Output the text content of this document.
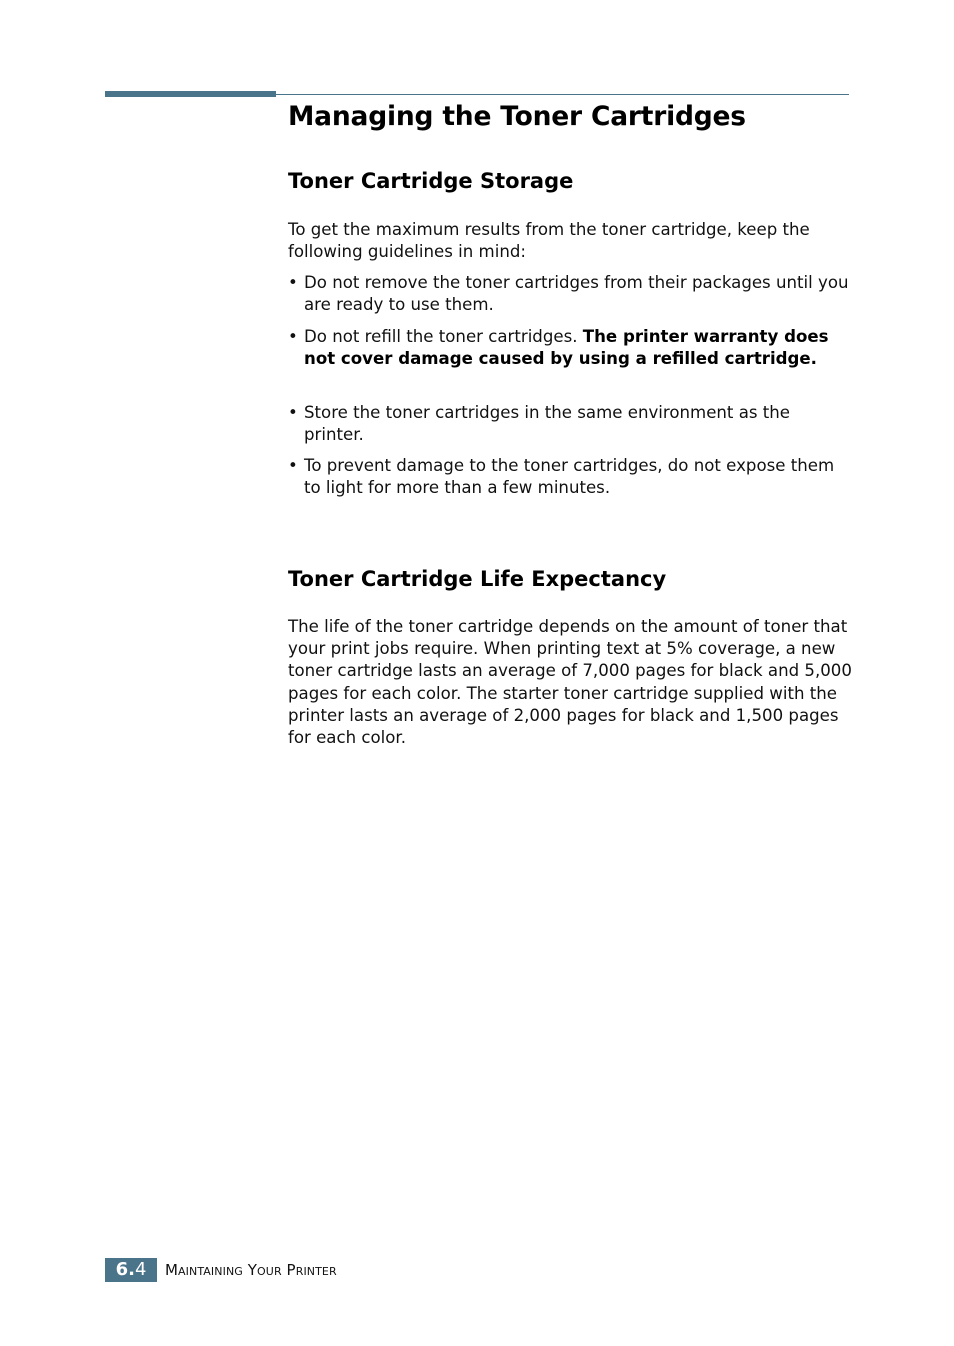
Managing the Toner Cartridges
Toner Cartridge Storage

To get the maximum results from the toner cartridge, keep the following guidelines in mind:

• Do not remove the toner cartridges from their packages until you are ready to use them.
• Do not refill the toner cartridges. The printer warranty does not cover damage caused by using a refilled cartridge.
• Store the toner cartridges in the same environment as the printer.
• To prevent damage to the toner cartridges, do not expose them to light for more than a few minutes.
Toner Cartridge Life Expectancy

The life of the toner cartridge depends on the amount of toner that your print jobs require. When printing text at 5% coverage, a new toner cartridge lasts an average of 7,000 pages for black and 5,000 pages for each color. The starter toner cartridge supplied with the printer lasts an average of 2,000 pages for black and 1,500 pages for each color.

6.4	Maintaining Your Printer
